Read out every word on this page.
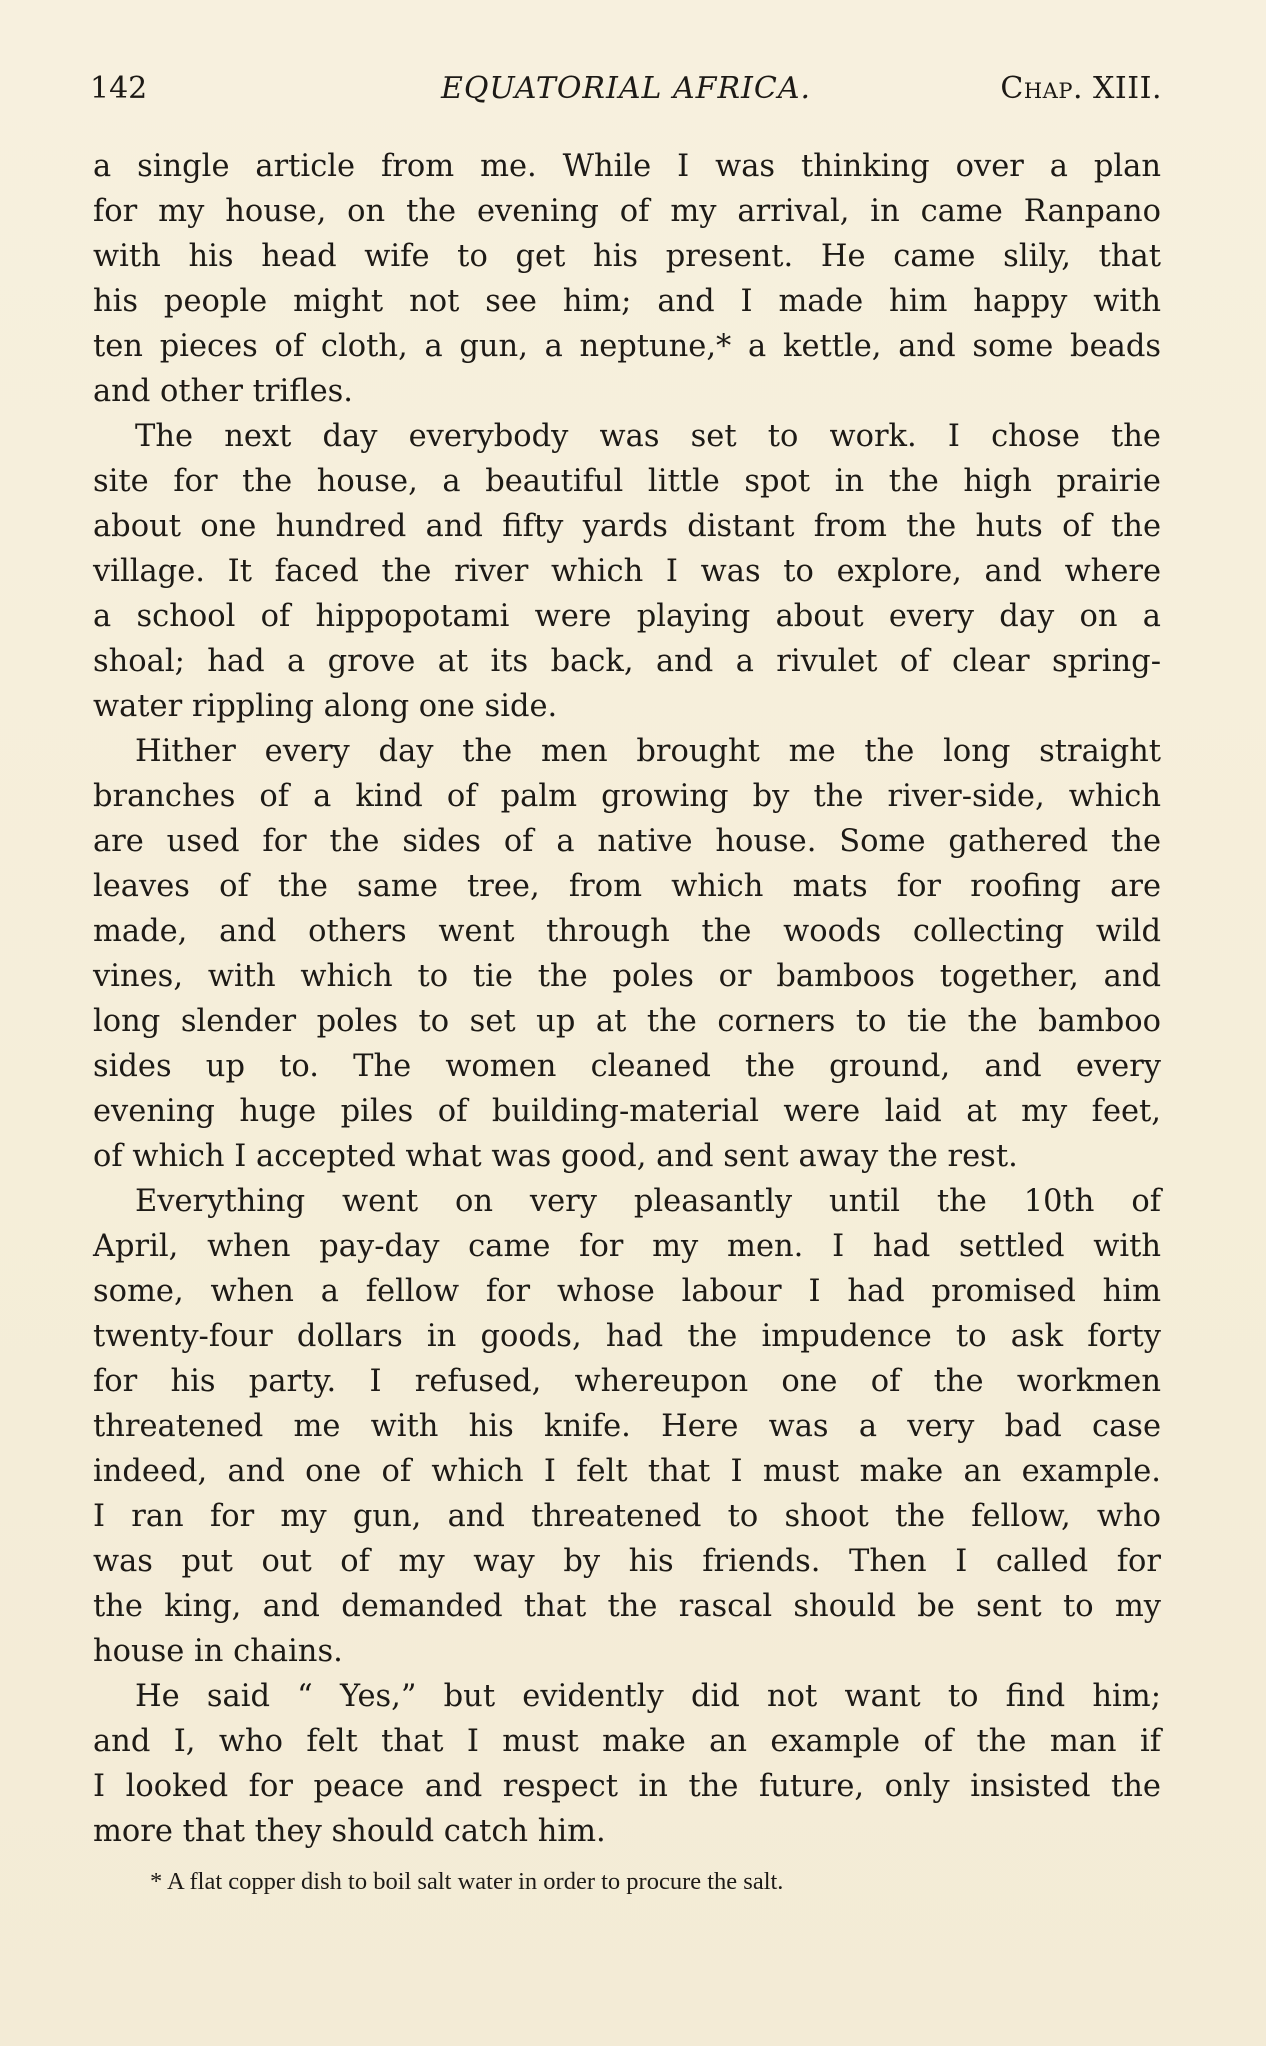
142	EQUATORIAL AFRICA.	Chap. XIII.
a single article from me. While I was thinking over a plan
for my house, on the evening of my arrival, in came Ranpano
with his head wife to get his present. He came slily, that
his people might not see him; and I made him happy with
ten pieces of cloth, a gun, a neptune,* a kettle, and some beads
and other trifles.
The next day everybody was set to work. I chose the
site for the house, a beautiful little spot in the high prairie
about one hundred and fifty yards distant from the huts of the
village. It faced the river which I was to explore, and where
a school of hippopotami were playing about every day on a
shoal; had a grove at its back, and a rivulet of clear spring-
water rippling along one side.
Hither every day the men brought me the long straight
branches of a kind of palm growing by the river-side, which
are used for the sides of a native house. Some gathered the
leaves of the same tree, from which mats for roofing are
made, and others went through the woods collecting wild
vines, with which to tie the poles or bamboos together, and
long slender poles to set up at the corners to tie the bamboo
sides up to. The women cleaned the ground, and every
evening huge piles of building-material were laid at my feet,
of which I accepted what was good, and sent away the rest.
Everything went on very pleasantly until the 10th of
April, when pay-day came for my men. I had settled with
some, when a fellow for whose labour I had promised him
twenty-four dollars in goods, had the impudence to ask forty
for his party. I refused, whereupon one of the workmen
threatened me with his knife. Here was a very bad case
indeed, and one of which I felt that I must make an example.
I ran for my gun, and threatened to shoot the fellow, who
was put out of my way by his friends. Then I called for
the king, and demanded that the rascal should be sent to my
house in chains.
He said “ Yes,” but evidently did not want to find him;
and I, who felt that I must make an example of the man if
I looked for peace and respect in the future, only insisted the
more that they should catch him.
* A flat copper dish to boil salt water in order to procure the salt.
